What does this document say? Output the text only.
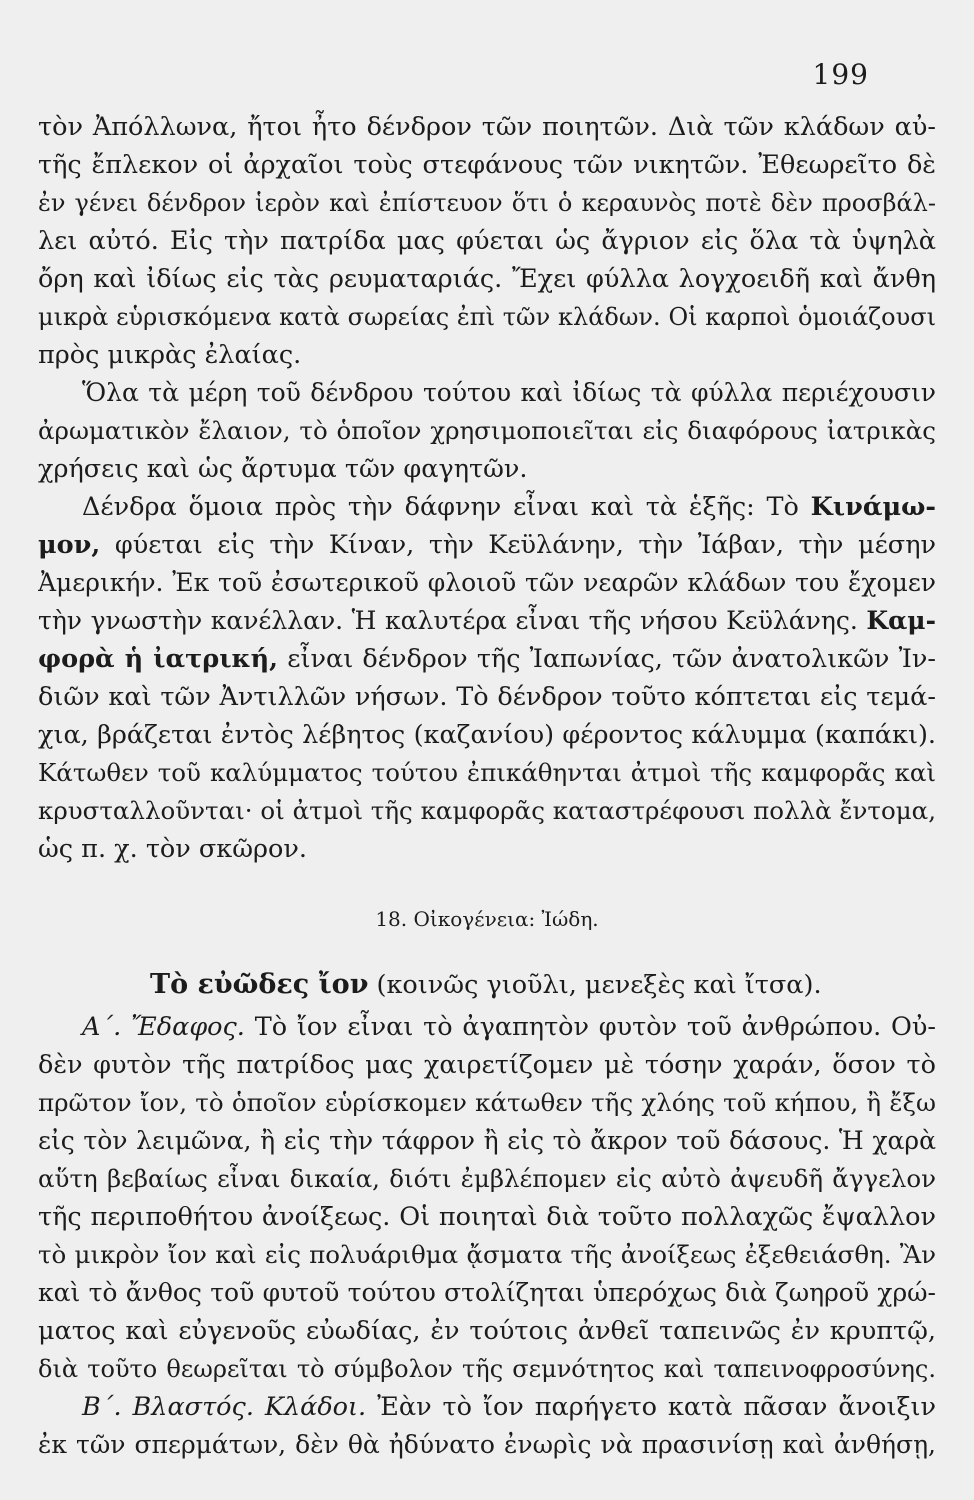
199
τὸν Ἀπόλλωνα, ἤτοι ἦτο δένδρον τῶν ποιητῶν. Διὰ τῶν κλάδων αὐ-
τῆς ἔπλεκον οἱ ἀρχαῖοι τοὺς στεφάνους τῶν νικητῶν. Ἐθεωρεῖτο δὲ
ἐν γένει δένδρον ἱερὸν καὶ ἐπίστευον ὅτι ὁ κεραυνὸς ποτὲ δὲν προσβάλ-
λει αὐτό. Εἰς τὴν πατρίδα μας φύεται ὡς ἄγριον εἰς ὅλα τὰ ὑψηλὰ
ὄρη καὶ ἰδίως εἰς τὰς ρευματαριάς. Ἔχει φύλλα λογχοειδῆ καὶ ἄνθη
μικρὰ εὑρισκόμενα κατὰ σωρείας ἐπὶ τῶν κλάδων. Οἱ καρποὶ ὁμοιάζουσι
πρὸς μικρὰς ἐλαίας.
Ὅλα τὰ μέρη τοῦ δένδρου τούτου καὶ ἰδίως τὰ φύλλα περιέχουσιν
ἀρωματικὸν ἔλαιον, τὸ ὁποῖον χρησιμοποιεῖται εἰς διαφόρους ἰατρικὰς
χρήσεις καὶ ὡς ἄρτυμα τῶν φαγητῶν.
Δένδρα ὅμοια πρὸς τὴν δάφνην εἶναι καὶ τὰ ἑξῆς: Τὸ Κινάμω-
μον, φύεται εἰς τὴν Κίναν, τὴν Κεϋλάνην, τὴν Ἰάβαν, τὴν μέσην
Ἀμερικήν. Ἐκ τοῦ ἐσωτερικοῦ φλοιοῦ τῶν νεαρῶν κλάδων του ἔχομεν
τὴν γνωστὴν κανέλλαν. Ἡ καλυτέρα εἶναι τῆς νήσου Κεϋλάνης. Καμ-
φορὰ ἡ ἰατρική, εἶναι δένδρον τῆς Ἰαπωνίας, τῶν ἀνατολικῶν Ἰν-
διῶν καὶ τῶν Ἀντιλλῶν νήσων. Τὸ δένδρον τοῦτο κόπτεται εἰς τεμά-
χια, βράζεται ἐντὸς λέβητος (καζανίου) φέροντος κάλυμμα (καπάκι).
Κάτωθεν τοῦ καλύμματος τούτου ἐπικάθηνται ἀτμοὶ τῆς καμφορᾶς καὶ
κρυσταλλοῦνται· οἱ ἀτμοὶ τῆς καμφορᾶς καταστρέφουσι πολλὰ ἔντομα,
ὡς π. χ. τὸν σκῶρον.
18. Οἰκογένεια: Ἰώδη.
Τὸ εὐῶδες ἴον (κοινῶς γιοῦλι, μενεξὲς καὶ ἴτσα).
Α΄. Ἔδαφος. Τὸ ἴον εἶναι τὸ ἀγαπητὸν φυτὸν τοῦ ἀνθρώπου. Οὐ-
δὲν φυτὸν τῆς πατρίδος μας χαιρετίζομεν μὲ τόσην χαράν, ὅσον τὸ
πρῶτον ἴον, τὸ ὁποῖον εὑρίσκομεν κάτωθεν τῆς χλόης τοῦ κήπου, ἢ ἔξω
εἰς τὸν λειμῶνα, ἢ εἰς τὴν τάφρον ἢ εἰς τὸ ἄκρον τοῦ δάσους. Ἡ χαρὰ
αὕτη βεβαίως εἶναι δικαία, διότι ἐμβλέπομεν εἰς αὐτὸ ἀψευδῆ ἄγγελον
τῆς περιποθήτου ἀνοίξεως. Οἱ ποιηταὶ διὰ τοῦτο πολλαχῶς ἔψαλλον
τὸ μικρὸν ἴον καὶ εἰς πολυάριθμα ᾄσματα τῆς ἀνοίξεως ἐξεθειάσθη. Ἂν
καὶ τὸ ἄνθος τοῦ φυτοῦ τούτου στολίζηται ὑπερόχως διὰ ζωηροῦ χρώ-
ματος καὶ εὐγενοῦς εὐωδίας, ἐν τούτοις ἀνθεῖ ταπεινῶς ἐν κρυπτῷ,
διὰ τοῦτο θεωρεῖται τὸ σύμβολον τῆς σεμνότητος καὶ ταπεινοφροσύνης.
Β΄. Βλαστός. Κλάδοι. Ἐὰν τὸ ἴον παρήγετο κατὰ πᾶσαν ἄνοιξιν
ἐκ τῶν σπερμάτων, δὲν θὰ ἠδύνατο ἐνωρὶς νὰ πρασινίσῃ καὶ ἀνθήσῃ,
